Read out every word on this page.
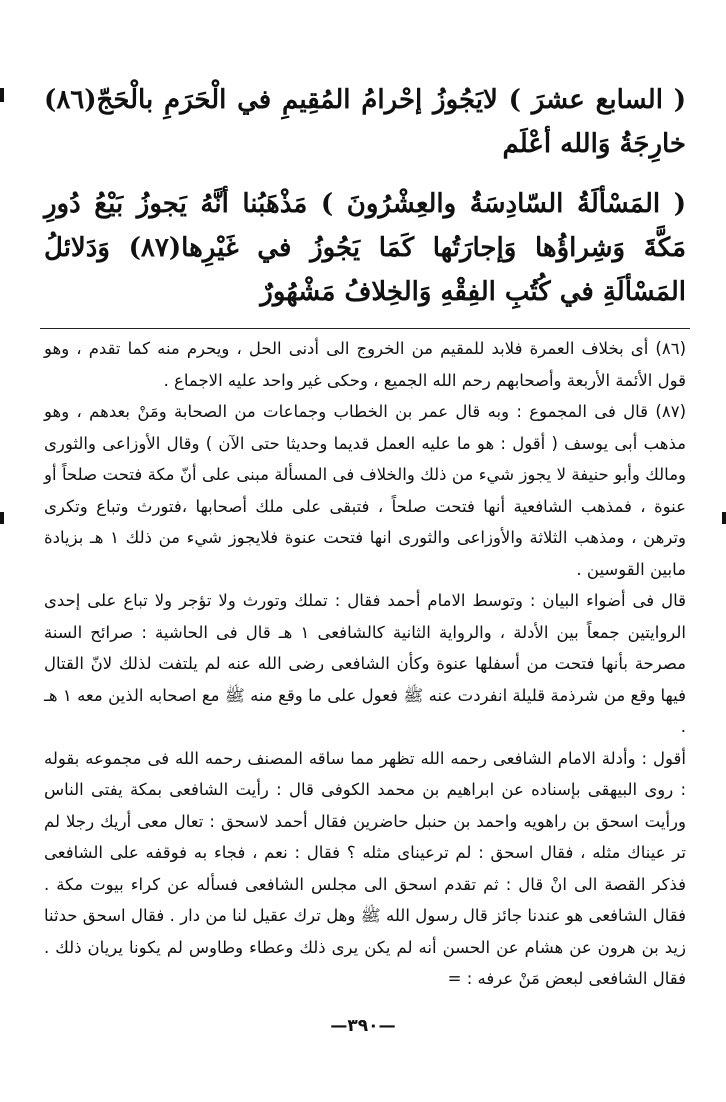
( السابع عشرَ ) لايَجُوزُ إحْرامُ المُقِيمِ في الْحَرَمِ بالْحَجّ(٨٦) خارِجَةُ وَالله أعْلَم

( المَسْألَةُ السّادِسَةُ والعِشْرُونَ ) مَذْهَبُنا أنَّهُ يَجوزُ بَيْعُ دُورِ مَكَّةَ وَشِراؤُها وَإجارَتُها كَمَا يَجُوزُ في غَيْرِها(٨٧) وَدَلائلُ المَسْألَةِ في كُتُبِ الفِقْهِ وَالخِلافُ مَشْهُورٌ

(٨٦) أى بخلاف العمرة فلابد للمقيم من الخروج الى أدنى الحل ، ويحرم منه كما تقدم ، وهو قول الأئمة الأربعة وأصحابهم رحم الله الجميع ، وحكى غير واحد عليه الاجماع .

(٨٧) قال فى المجموع : وبه قال عمر بن الخطاب وجماعات من الصحابة ومَنْ بعدهم ، وهو مذهب أبى يوسف ( أقول : هو ما عليه العمل قديما وحديثا حتى الآن ) وقال الأوزاعى والثورى ومالك وأبو حنيفة لا يجوز شيء من ذلك والخلاف فى المسألة مبنى على أنّ مكة فتحت صلحاً أو عنوة ، فمذهب الشافعية أنها فتحت صلحاً ، فتبقى على ملك أصحابها ،فتورث وتباع وتكرى وترهن ، ومذهب الثلاثة والأوزاعى والثورى انها فتحت عنوة فلايجوز شيء من ذلك ١ هـ بزيادة مابين القوسين .

قال فى أضواء البيان : وتوسط الامام أحمد فقال : تملك وتورث ولا تؤجر ولا تباع على إحدى الروايتين جمعاً بين الأدلة ، والرواية الثانية كالشافعى ١ هـ قال فى الحاشية : صرائح السنة مصرحة بأنها فتحت من أسفلها عنوة وكأن الشافعى رضى الله عنه لم يلتفت لذلك لانّ القتال فيها وقع من شرذمة قليلة انفردت عنه ﷺ فعول على ما وقع منه ﷺ مع اصحابه الذين معه ١ هـ .

أقول : وأدلة الامام الشافعى رحمه الله تظهر مما ساقه المصنف رحمه الله فى مجموعه بقوله : روى البيهقى بإسناده عن ابراهيم بن محمد الكوفى قال : رأيت الشافعى بمكة يفتى الناس ورأيت اسحق بن راهويه واحمد بن حنبل حاضرين فقال أحمد لاسحق : تعال معى أريك رجلا لم تر عيناك مثله ، فقال اسحق : لم ترعيناى مثله ؟ فقال : نعم ، فجاء به فوقفه على الشافعى فذكر القصة الى انْ قال : ثم تقدم اسحق الى مجلس الشافعى فسأله عن كراء بيوت مكة . فقال الشافعى هو عندنا جائز قال رسول الله ﷺ وهل ترك عقيل لنا من دار . فقال اسحق حدثنا زيد بن هرون عن هشام عن الحسن أنه لم يكن يرى ذلك وعطاء وطاوس لم يكونا يريان ذلك . فقال الشافعى لبعض مَنْ عرفه : =

—٣٩٠—
